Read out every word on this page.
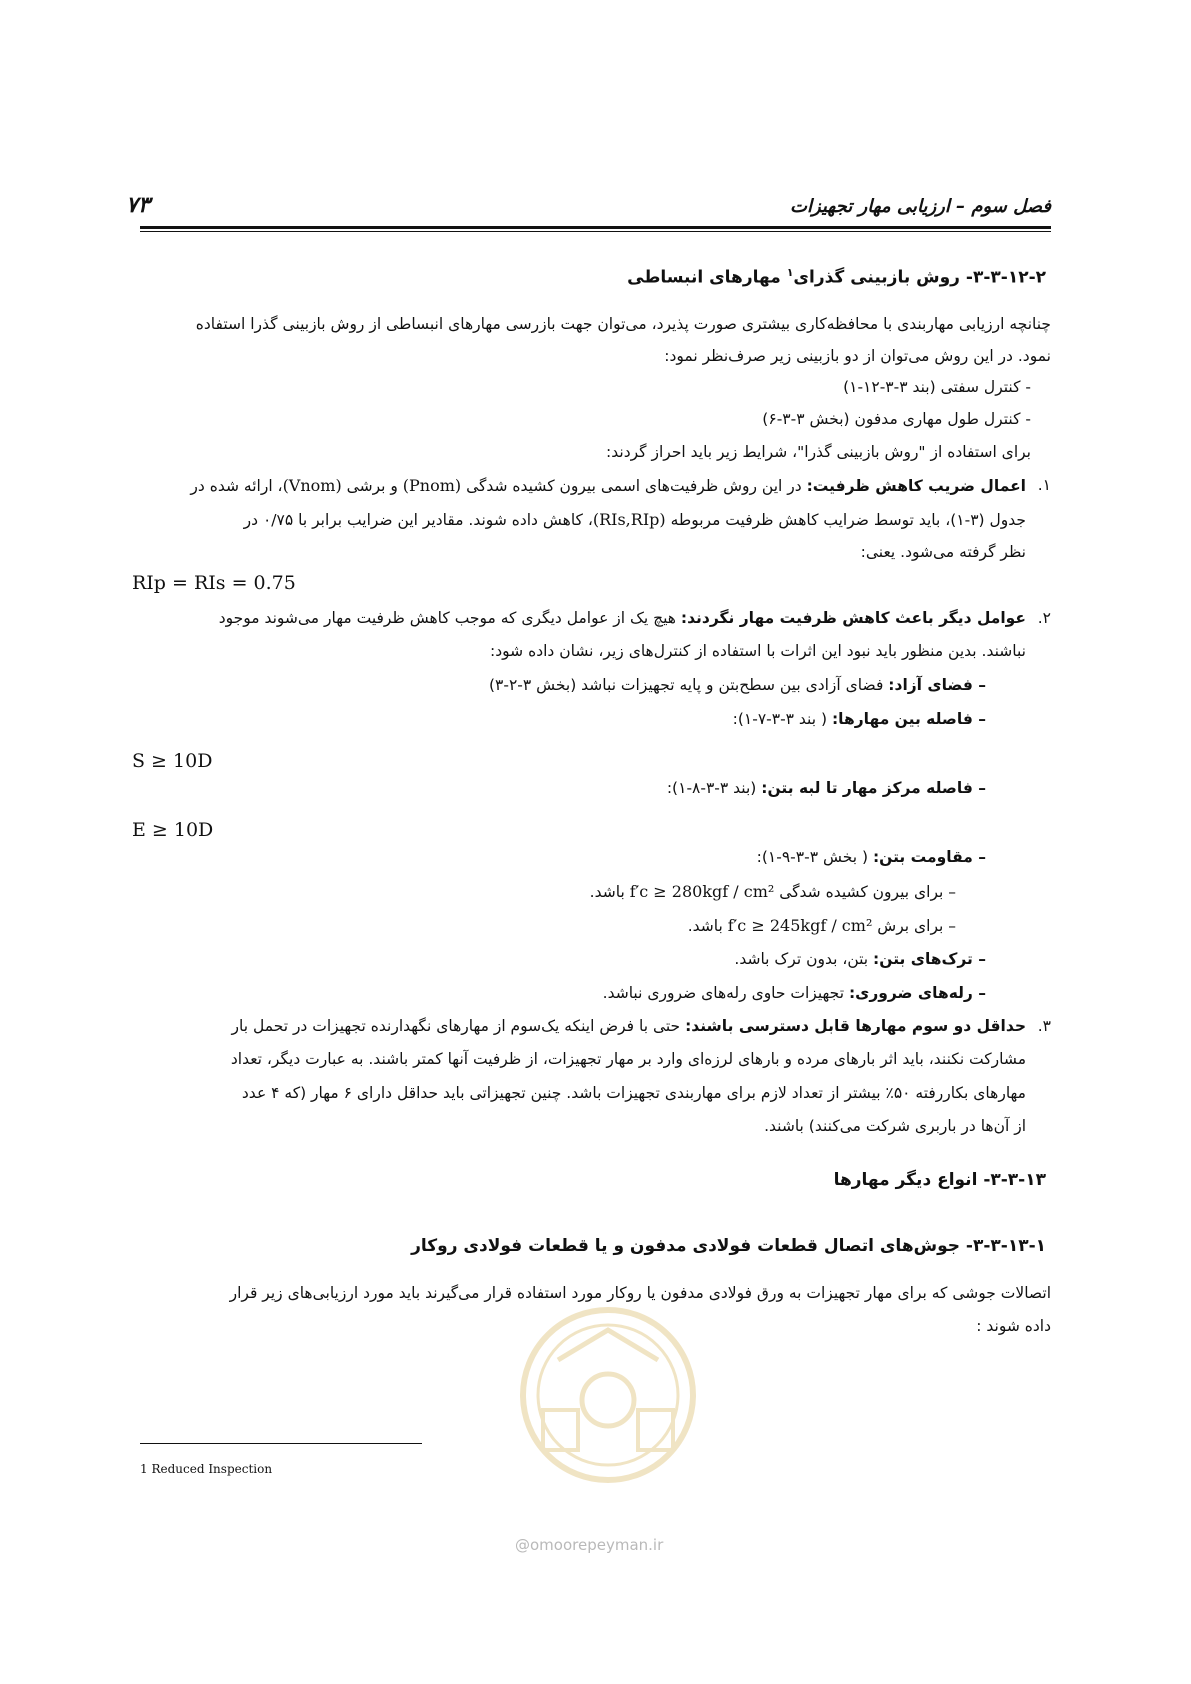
فصل سوم – ارزیابی مهار تجهیزات
۷۳
۳-۳-۱۲-۲- روش بازبینی گذرای$^۱$ مهارهای انبساطی
چنانچه ارزیابی مهاربندی با محافظه‌کاری بیشتری صورت پذیرد، می‌توان جهت بازرسی مهارهای انبساطی از روش بازبینی گذرا استفاده
نمود. در این روش می‌توان از دو بازبینی زیر صرف‌نظر نمود:
- کنترل سفتی (بند ۳-۳-۱۲-۱)
- کنترل طول مهاری مدفون (بخش ۳-۳-۶)
برای استفاده از "روش بازبینی گذرا"، شرایط زیر باید احراز گردند:
۱.
اعمال ضریب کاهش ظرفیت: در این روش ظرفیت‌های اسمی بیرون کشیده شدگی (Pnom) و برشی (Vnom)، ارائه شده در
جدول (۳-۱)، باید توسط ضرایب کاهش ظرفیت مربوطه (RIs,RIp)، کاهش داده شوند. مقادیر این ضرایب برابر با ۰/۷۵ در
نظر گرفته می‌شود. یعنی:
RIp = RIs = 0.75
۲.
عوامل دیگر باعث کاهش ظرفیت مهار نگردند: هیچ یک از عوامل دیگری که موجب کاهش ظرفیت مهار می‌شوند موجود
نباشند. بدین منظور باید نبود این اثرات با استفاده از کنترل‌های زیر، نشان داده شود:
– فضای آزاد: فضای آزادی بین سطح‌بتن و پایه تجهیزات نباشد (بخش ۳-۲-۳)
– فاصله بین مهارها: ( بند ۳-۳-۷-۱):
S ≥ 10D
– فاصله مرکز مهار تا لبه بتن: (بند ۳-۳-۸-۱):
E ≥ 10D
– مقاومت بتن: ( بخش ۳-۳-۹-۱):
– برای بیرون کشیده شدگی f′c ≥ 280kgf / cm² باشد.
– برای برش f′c ≥ 245kgf / cm² باشد.
– ترک‌های بتن: بتن، بدون ترک باشد.
– رله‌های ضروری: تجهیزات حاوی رله‌های ضروری نباشد.
۳.
حداقل دو سوم مهارها قابل دسترسی باشند: حتی با فرض اینکه یک‌سوم از مهارهای نگهدارنده تجهیزات در تحمل بار
مشارکت نکنند، باید اثر بارهای مرده و بارهای لرزه‌ای وارد بر مهار تجهیزات، از ظرفیت آنها کمتر باشند. به عبارت دیگر، تعداد
مهارهای بکاررفته ۵۰٪ بیشتر از تعداد لازم برای مهاربندی تجهیزات باشد. چنین تجهیزاتی باید حداقل دارای ۶ مهار (که ۴ عدد
از آن‌ها در باربری شرکت می‌کنند) باشند.
۳-۳-۱۳- انواع دیگر مهارها
۳-۳-۱۳-۱- جوش‌های اتصال قطعات فولادی مدفون و یا قطعات فولادی روکار
اتصالات جوشی که برای مهار تجهیزات به ورق فولادی مدفون یا روکار مورد استفاده قرار می‌گیرند باید مورد ارزیابی‌های زیر قرار
داده شوند :
1 Reduced Inspection
@omoorepeyman.ir
